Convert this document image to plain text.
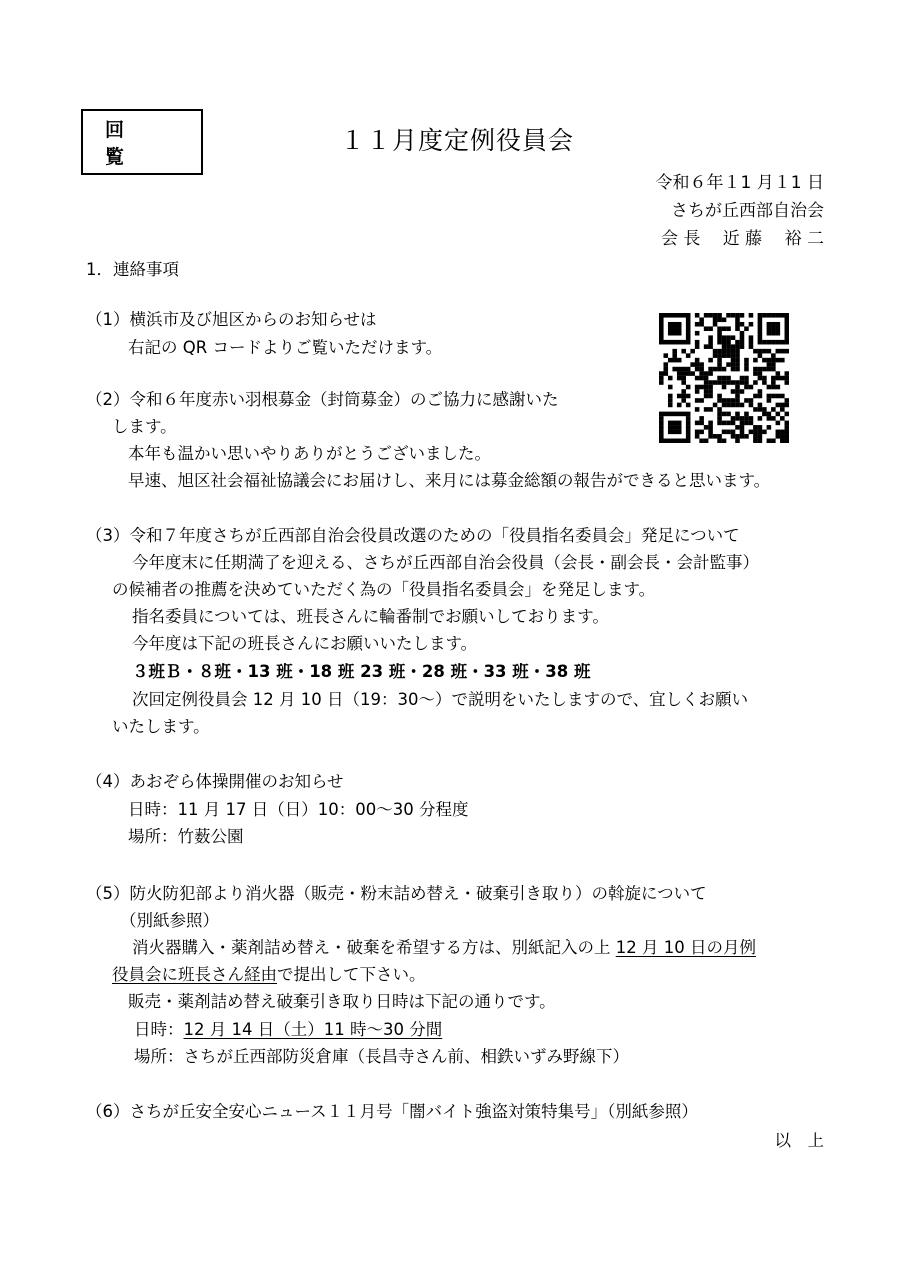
回 覧
１１月度定例役員会
令和６年１1 月１1 日
さちが丘西部自治会
会 長　 近 藤　 裕 二
1．連絡事項
（1）横浜市及び旭区からのお知らせは
右記の QR コードよりご覧いただけます。
（2）令和６年度赤い羽根募金（封筒募金）のご協力に感謝いた
します。
本年も温かい思いやりありがとうございました。
早速、旭区社会福祉協議会にお届けし、来月には募金総額の報告ができると思います。
（3）令和７年度さちが丘西部自治会役員改選のための「役員指名委員会」発足について
今年度末に任期満了を迎える、さちが丘西部自治会役員（会長・副会長・会計監事）
の候補者の推薦を決めていただく為の「役員指名委員会」を発足します。
指名委員については、班長さんに輪番制でお願いしております。
今年度は下記の班長さんにお願いいたします。
３班Ｂ・８班・13 班・18 班 23 班・28 班・33 班・38 班
次回定例役員会 12 月 10 日（19：30～）で説明をいたしますので、宜しくお願い
いたします。
（4）あおぞら体操開催のお知らせ
日時：11 月 17 日（日）10：00～30 分程度
場所：竹薮公園
（5）防火防犯部より消火器（販売・粉末詰め替え・破棄引き取り）の斡旋について
（別紙参照）
消火器購入・薬剤詰め替え・破棄を希望する方は、別紙記入の上 12 月 10 日の月例
役員会に班長さん経由で提出して下さい。
販売・薬剤詰め替え破棄引き取り日時は下記の通りです。
日時：12 月 14 日（土）11 時～30 分間
場所：さちが丘西部防災倉庫（長昌寺さん前、相鉄いずみ野線下）
（6）さちが丘安全安心ニュース１１月号「闇バイト強盗対策特集号」（別紙参照）
以　上
